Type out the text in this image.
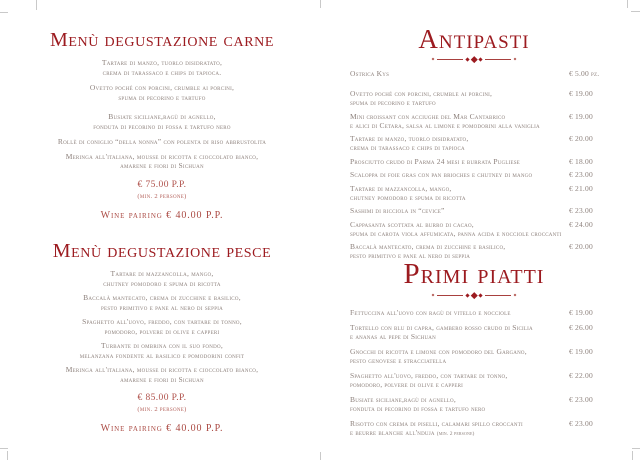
Menù degustazione carne
Tartare di manzo, tuorlo disidratato,
crema di tarassaco e chips di tapioca.
Ovetto poché con porcini, crumble ai porcini,
spuma di pecorino e tartufo
Busiate siciliane,ragù di agnello,
fonduta di pecorino di fossa e tartufo nero
Rollè di coniglio “della nonna” con polenta di riso abbrustolita
Meringa all'italiana, mousse di ricotta e cioccolato bianco,
amarene e fiori di Sichuan
€ 75.00 P.P.
(min. 2 persone)
Wine pairing € 40.00 P.P.
Menù degustazione pesce
Tartare di mazzancolla, mango,
chutney pomodoro e spuma di ricotta
Baccalà mantecato, crema di zucchine e basilico,
pesto primitivo e pane al nero di seppia
Spaghetto all'uovo, freddo, con tartare di tonno,
pomodoro, polvere di olive e capperi
Turbante di ombrina con il suo fondo,
melanzana fondente al basilico e pomodorini confit
Meringa all'italiana, mousse di ricotta e cioccolato bianco,
amarene e fiori di Sichuan
€ 85.00 P.P.
(min. 2 persone)
Wine pairing € 40.00 P.P.
Antipasti
Ostrica Kys	€ 5.00 pz.
Ovetto poché con porcini, crumble ai porcini,
spuma di pecorino e tartufo
€ 19.00
Mini croissant con acciughe del Mar Cantabrico
e alici di Cetara, salsa al limone e pomodorini alla vaniglia
€ 19.00
Tartare di manzo, tuorlo disidratato,
crema di tarassaco e chips di tapioca
€ 20.00
Prosciutto crudo di Parma 24 mesi e burrata Pugliese	€ 18.00
Scaloppa di foie gras con pan brioches e chutney di mango	€ 23.00
Tartare di mazzancolla, mango,
chutney pomodoro e spuma di ricotta
€ 21.00
Sashimi di ricciola in “cevice”	€ 23.00
Cappasanta scottata al burro di cacao,
spuma di carota viola affumicata, panna acida e nocciole croccanti
€ 24.00
Baccalà mantecato, crema di zucchine e basilico,
pesto primitivo e pane al nero di seppia
€ 20.00
Primi piatti
Fettuccina all'uovo con ragù di vitello e nocciole	€ 19.00
Tortello con blu di capra, gambero rosso crudo di Sicilia
e ananas al pepe di Sichuan
€ 26.00
Gnocchi di ricotta e limone con pomodoro del Gargano,
pesto genovese e stracciatella
€ 19.00
Spaghetto all'uovo, freddo, con tartare di tonno,
pomodoro, polvere di olive e capperi
€ 22.00
Busiate siciliane,ragù di agnello,
fonduta di pecorino di fossa e tartufo nero
€ 23.00
Risotto con crema di piselli, calamari spillo croccanti
e beurre blanche all'nduja (min. 2 persone)
€ 23.00
